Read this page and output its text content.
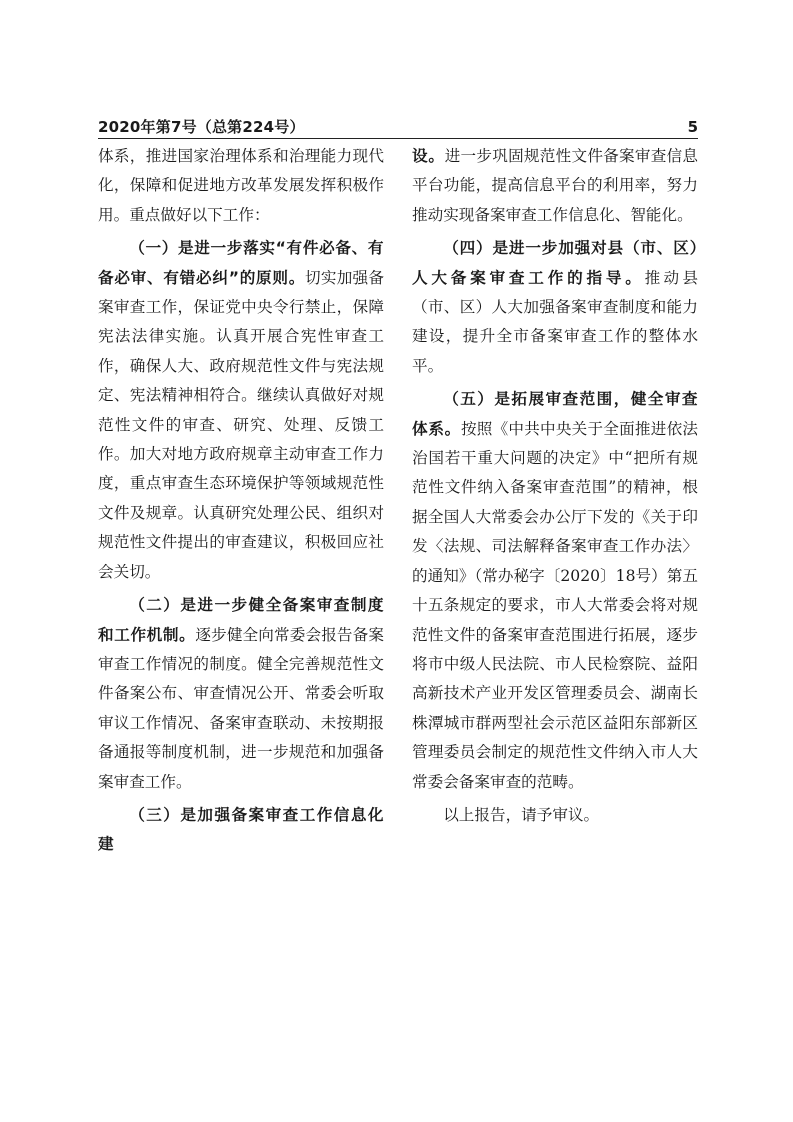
2020年第7号（总第224号）	5

体系，推进国家治理体系和治理能力现代化，保障和促进地方改革发展发挥积极作用。重点做好以下工作：

（一）是进一步落实“有件必备、有备必审、有错必纠”的原则。切实加强备案审查工作，保证党中央令行禁止，保障宪法法律实施。认真开展合宪性审查工作，确保人大、政府规范性文件与宪法规定、宪法精神相符合。继续认真做好对规范性文件的审查、研究、处理、反馈工作。加大对地方政府规章主动审查工作力度，重点审查生态环境保护等领域规范性文件及规章。认真研究处理公民、组织对规范性文件提出的审查建议，积极回应社会关切。

（二）是进一步健全备案审查制度和工作机制。逐步健全向常委会报告备案审查工作情况的制度。健全完善规范性文件备案公布、审查情况公开、常委会听取审议工作情况、备案审查联动、未按期报备通报等制度机制，进一步规范和加强备案审查工作。

（三）是加强备案审查工作信息化建

设。进一步巩固规范性文件备案审查信息平台功能，提高信息平台的利用率，努力推动实现备案审查工作信息化、智能化。

（四）是进一步加强对县（市、区）人大备案审查工作的指导。推动县（市、区）人大加强备案审查制度和能力建设，提升全市备案审查工作的整体水平。

（五）是拓展审查范围，健全审查体系。按照《中共中央关于全面推进依法治国若干重大问题的决定》中“把所有规范性文件纳入备案审查范围”的精神，根据全国人大常委会办公厅下发的《关于印发〈法规、司法解释备案审查工作办法〉的通知》（常办秘字〔2020〕18号）第五十五条规定的要求，市人大常委会将对规范性文件的备案审查范围进行拓展，逐步将市中级人民法院、市人民检察院、益阳高新技术产业开发区管理委员会、湖南长株潭城市群两型社会示范区益阳东部新区管理委员会制定的规范性文件纳入市人大常委会备案审查的范畴。

以上报告，请予审议。
